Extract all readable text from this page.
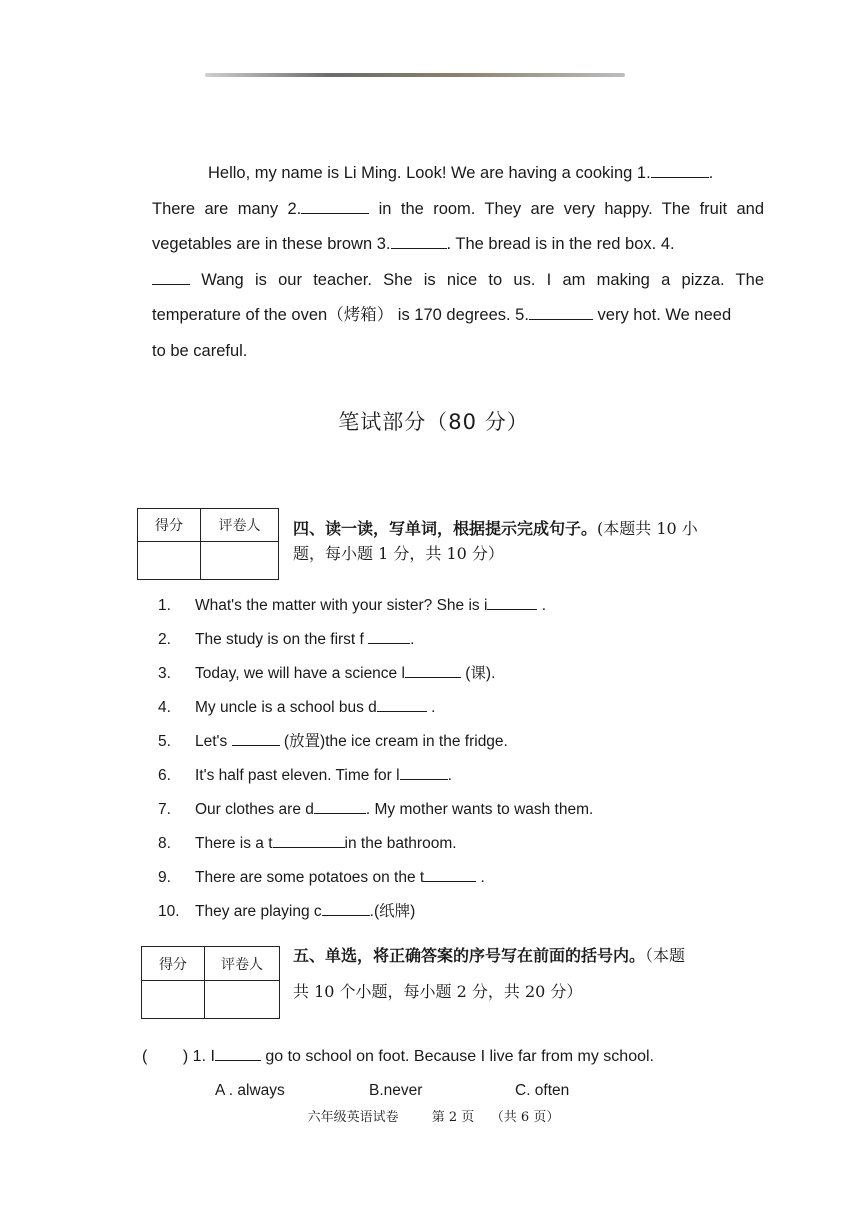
Hello, my name is Li Ming. Look! We are having a cooking 1.	.
There are many 2.	in the room. They are very happy. The fruit and
vegetables are in these brown 3.	. The bread is in the red box. 4.
Wang is our teacher. She is nice to us. I am making a pizza. The
temperature of the oven（烤箱） is 170 degrees. 5.	very hot. We need
to be careful.
笔试部分（80 分）
得分	评卷人
	四、读一读，写单词，根据提示完成句子。(本题共 10 小
题，每小题 1 分，共 10 分）
1. What's the matter with your sister? She is i	.
2. The study is on the first f	.
3. Today, we will have a science l	(课).
4. My uncle is a school bus d	.
5. Let's	(放置)the ice cream in the fridge.
6. It's half past eleven. Time for l	.
7. Our clothes are d	. My mother wants to wash them.
8. There is a t	in the bathroom.
9. There are some potatoes on the t	.
10. They are playing c	.(纸牌)
得分	评卷人
	五、单选，将正确答案的序号写在前面的括号内。（本题
共 10 个小题，每小题 2 分，共 20 分）
(        ) 1. I	go to school on foot. Because I live far from my school.
A . always	B.never	C. often
六年级英语试卷	第 2 页 （共 6 页）
